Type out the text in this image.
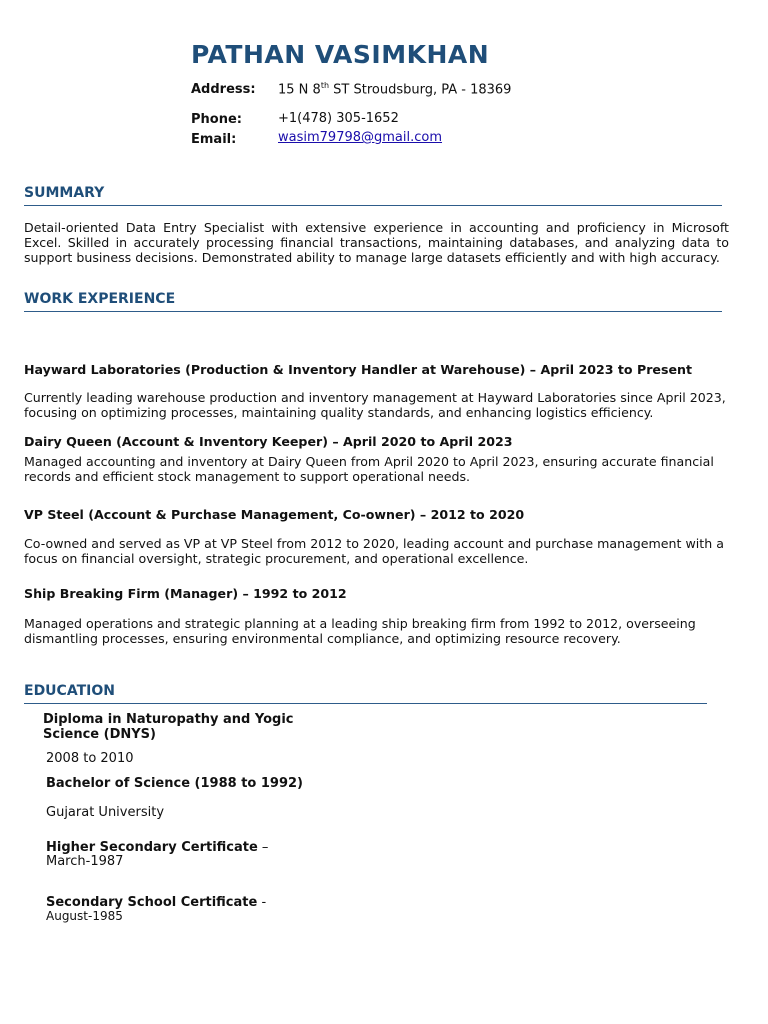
PATHAN VASIMKHAN
Address: 15 N 8th ST Stroudsburg, PA - 18369
Phone:	+1(478) 305-1652
Email:	wasim79798@gmail.com
SUMMARY
Detail-oriented Data Entry Specialist with extensive experience in accounting and proficiency in Microsoft Excel. Skilled in accurately processing financial transactions, maintaining databases, and analyzing data to support business decisions. Demonstrated ability to manage large datasets efficiently and with high accuracy.
WORK EXPERIENCE
Hayward Laboratories (Production & Inventory Handler at Warehouse) – April 2023 to Present
Currently leading warehouse production and inventory management at Hayward Laboratories since April 2023, focusing on optimizing processes, maintaining quality standards, and enhancing logistics efficiency.
Dairy Queen (Account & Inventory Keeper) – April 2020 to April 2023
Managed accounting and inventory at Dairy Queen from April 2020 to April 2023, ensuring accurate financial records and efficient stock management to support operational needs.
VP Steel (Account & Purchase Management, Co-owner) – 2012 to 2020
Co-owned and served as VP at VP Steel from 2012 to 2020, leading account and purchase management with a focus on financial oversight, strategic procurement, and operational excellence.
Ship Breaking Firm (Manager) – 1992 to 2012
Managed operations and strategic planning at a leading ship breaking firm from 1992 to 2012, overseeing dismantling processes, ensuring environmental compliance, and optimizing resource recovery.
EDUCATION
Diploma in Naturopathy and Yogic
Science (DNYS)
2008 to 2010
Bachelor of Science (1988 to 1992)
Gujarat University
Higher Secondary Certificate –
March-1987
Secondary School Certificate -
August-1985
